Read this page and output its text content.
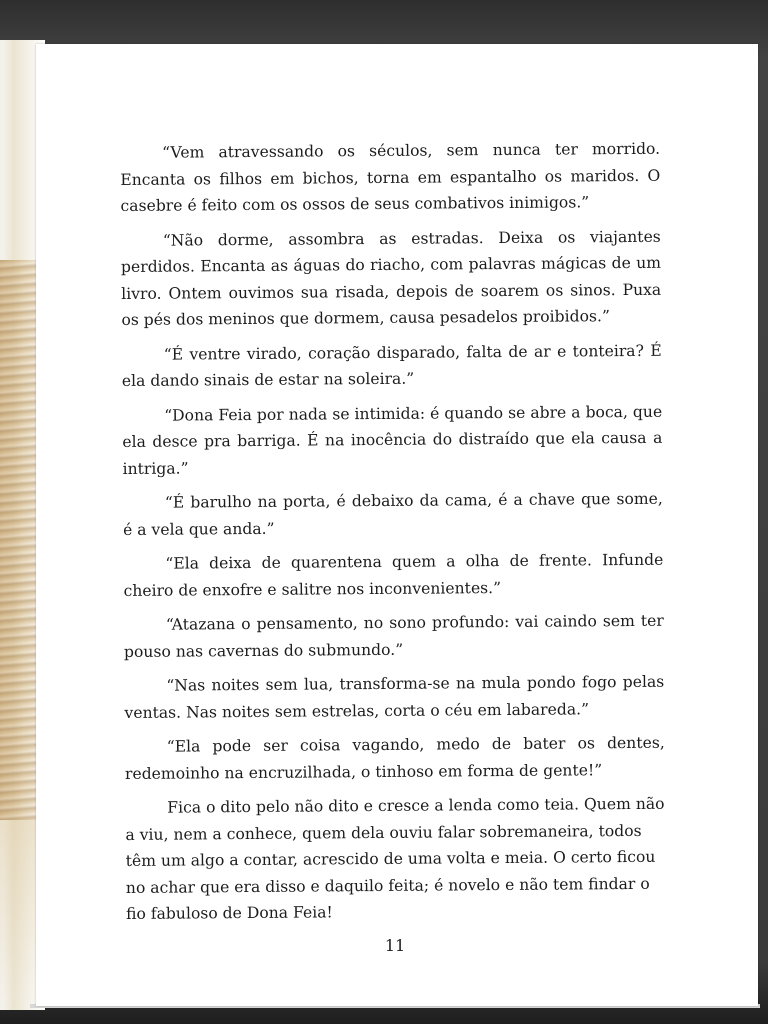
“Vem atravessando os séculos, sem nunca ter morrido. Encanta os filhos em bichos, torna em espantalho os maridos. O casebre é feito com os ossos de seus combativos inimigos.”

“Não dorme, assombra as estradas. Deixa os viajantes perdidos. Encanta as águas do riacho, com palavras mágicas de um livro. Ontem ouvimos sua risada, depois de soarem os sinos. Puxa os pés dos meninos que dormem, causa pesadelos proibidos.”

“É ventre virado, coração disparado, falta de ar e tonteira? É ela dando sinais de estar na soleira.”

“Dona Feia por nada se intimida: é quando se abre a boca, que ela desce pra barriga. É na inocência do distraído que ela causa a intriga.”

“É barulho na porta, é debaixo da cama, é a chave que some, é a vela que anda.”

“Ela deixa de quarentena quem a olha de frente. Infunde cheiro de enxofre e salitre nos inconvenientes.”

“Atazana o pensamento, no sono profundo: vai caindo sem ter pouso nas cavernas do submundo.”

“Nas noites sem lua, transforma-se na mula pondo fogo pelas ventas. Nas noites sem estrelas, corta o céu em labareda.”

“Ela pode ser coisa vagando, medo de bater os dentes, redemoinho na encruzilhada, o tinhoso em forma de gente!”

Fica o dito pelo não dito e cresce a lenda como teia. Quem não a viu, nem a conhece, quem dela ouviu falar sobremaneira, todos têm um algo a contar, acrescido de uma volta e meia. O certo ficou no achar que era disso e daquilo feita; é novelo e não tem findar o fio fabuloso de Dona Feia!

11
